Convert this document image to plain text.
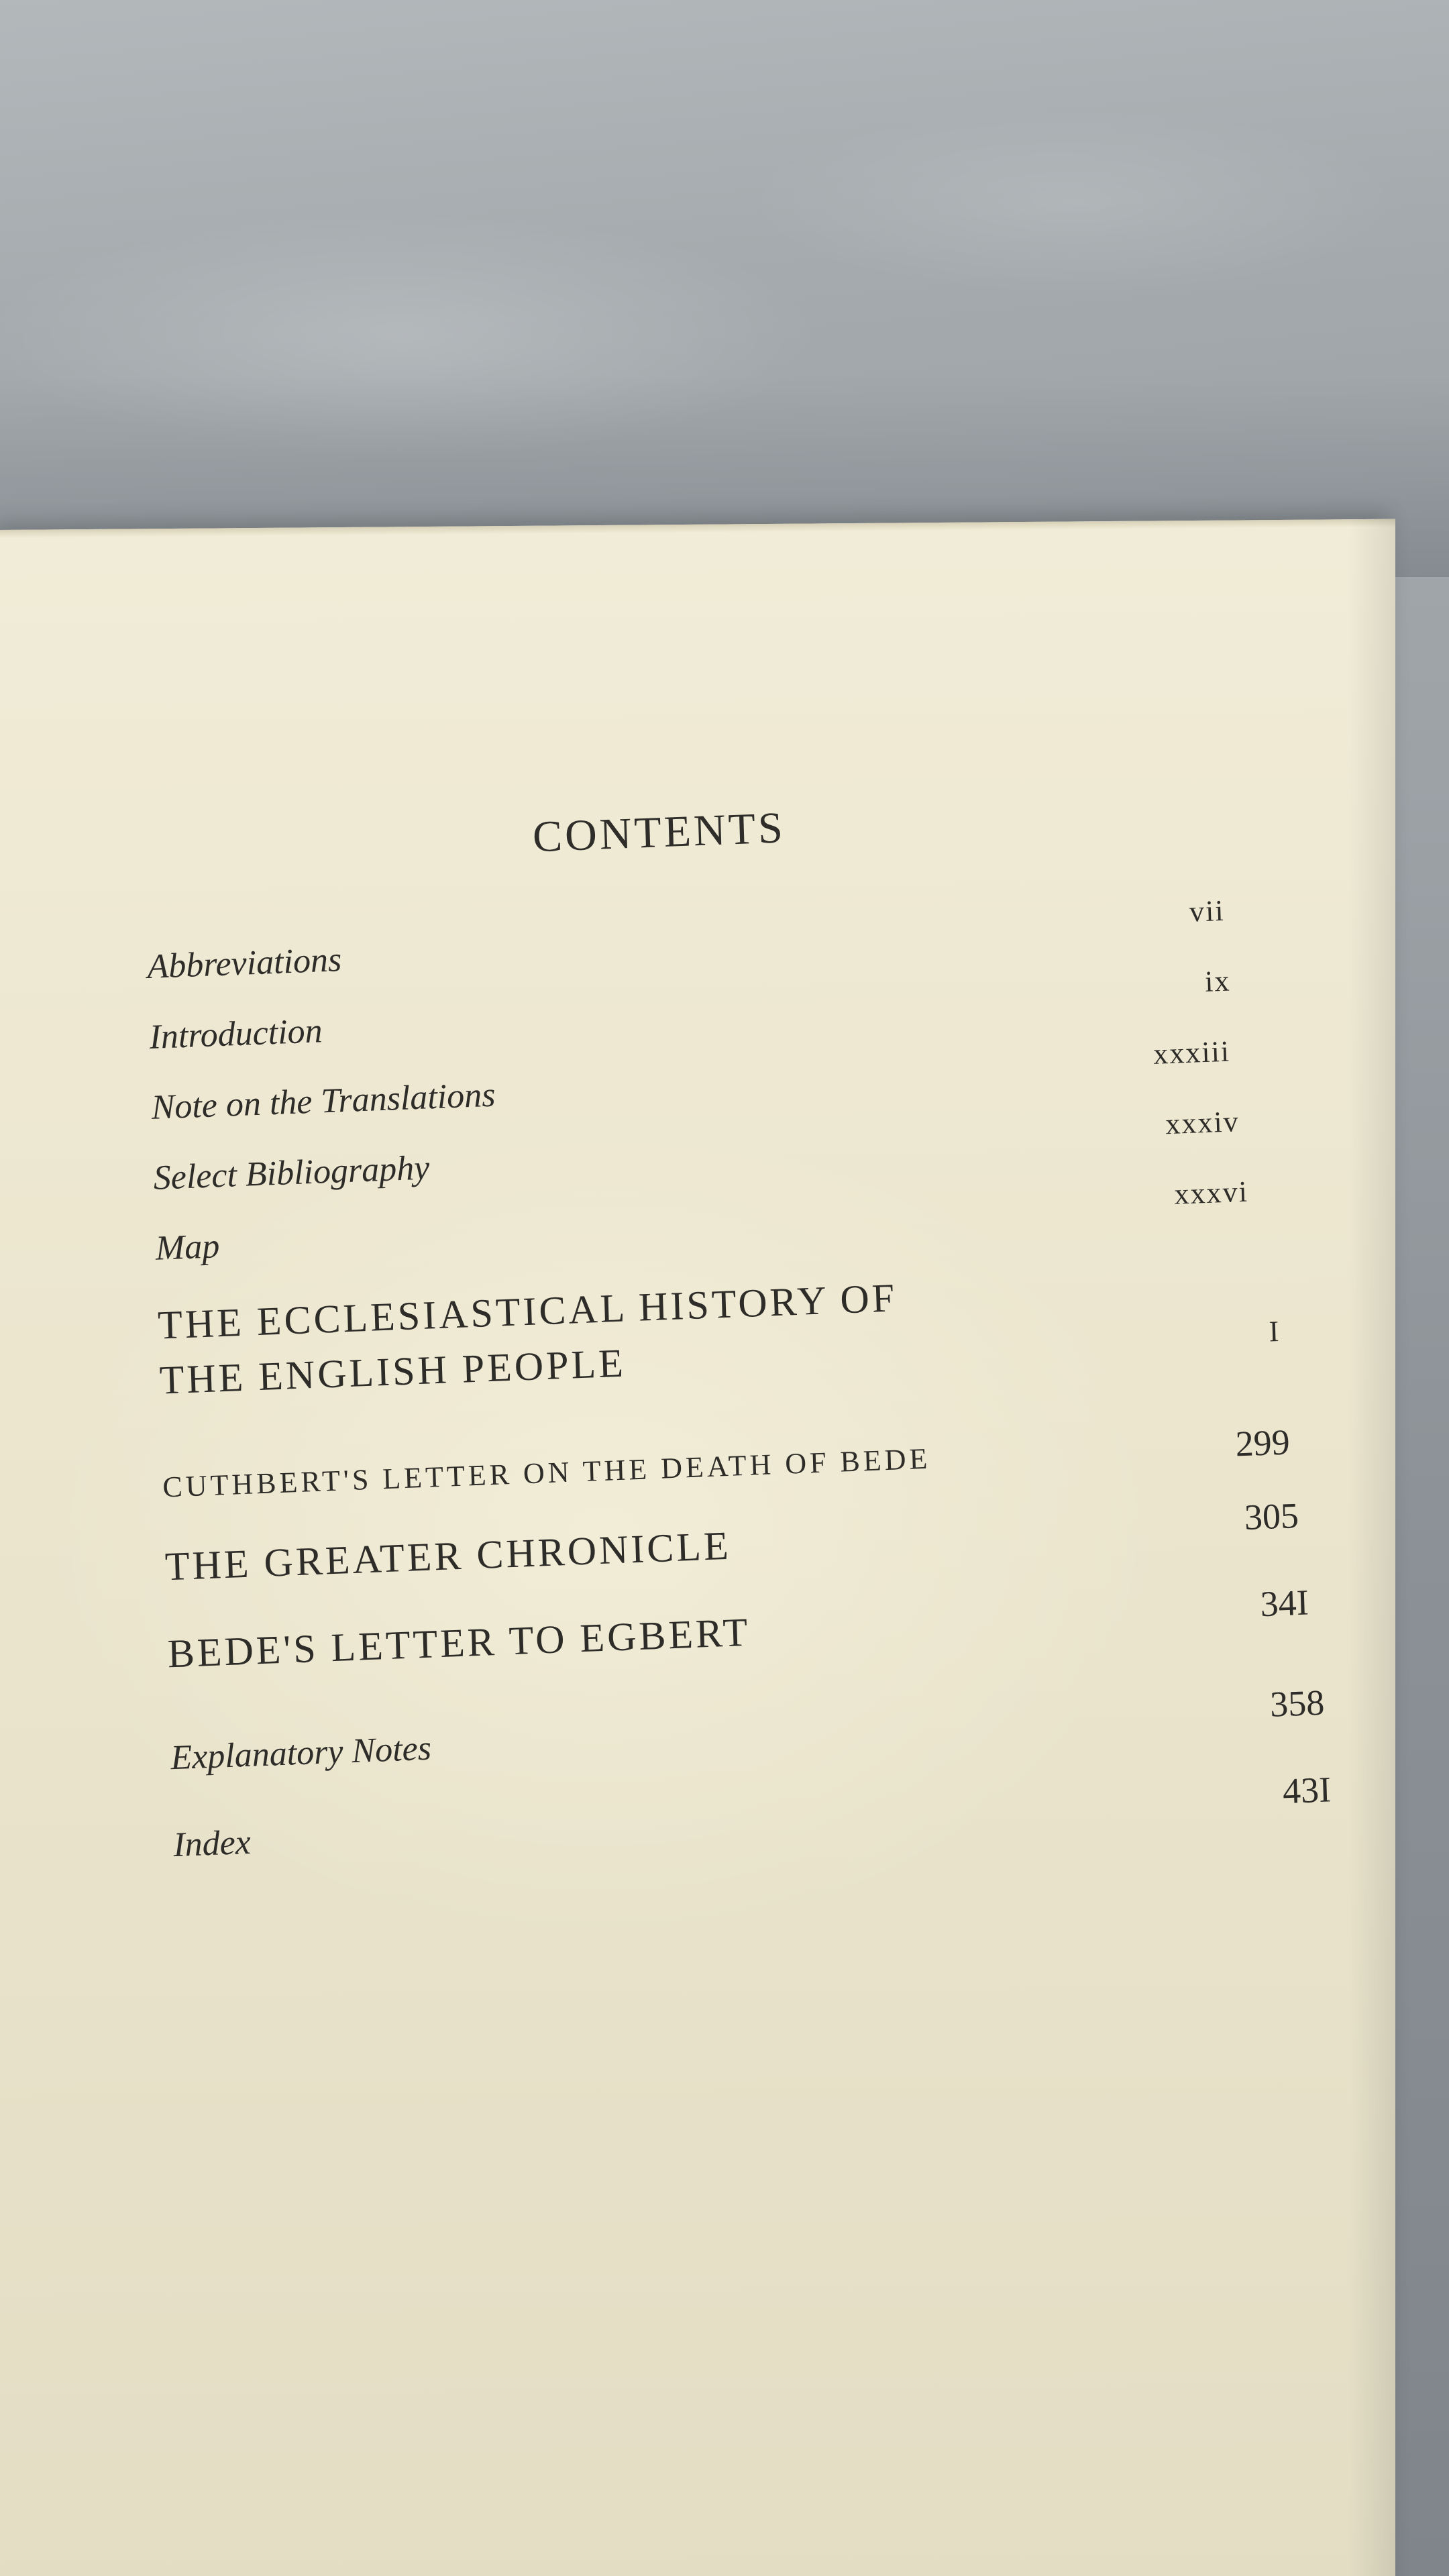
CONTENTS
Abbreviations
vii
Introduction
ix
Note on the Translations
xxxiii
Select Bibliography
xxxiv
Map
xxxvi
THE ECCLESIASTICAL HISTORY OF
THE ENGLISH PEOPLE
I
CUTHBERT'S LETTER ON THE DEATH OF BEDE	299
THE GREATER CHRONICLE
305
BEDE'S LETTER TO EGBERT
34I
Explanatory Notes
358
Index
43I
